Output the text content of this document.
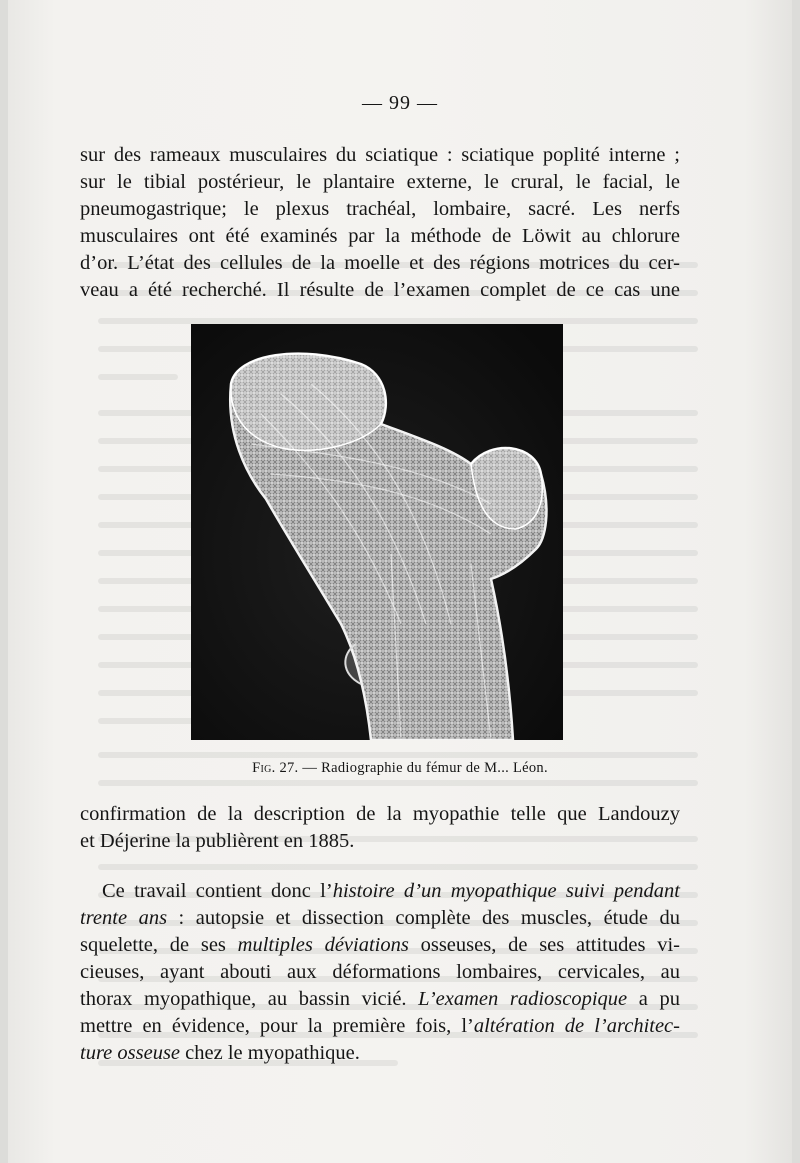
— 99 —

sur des rameaux musculaires du sciatique : sciatique poplité interne ;
sur le tibial postérieur, le plantaire externe, le crural, le facial, le
pneumogastrique; le plexus trachéal, lombaire, sacré. Les nerfs
musculaires ont été examinés par la méthode de Löwit au chlorure
d’or. L’état des cellules de la moelle et des régions motrices du cer-
veau a été recherché. Il résulte de l’examen complet de ce cas une

Fig. 27. — Radiographie du fémur de M... Léon.

confirmation de la description de la myopathie telle que Landouzy
et Déjerine la publièrent en 1885.

Ce travail contient donc l’histoire d’un myopathique suivi pendant
trente ans : autopsie et dissection complète des muscles, étude du
squelette, de ses multiples déviations osseuses, de ses attitudes vi-
cieuses, ayant abouti aux déformations lombaires, cervicales, au
thorax myopathique, au bassin vicié. L’examen radioscopique a pu
mettre en évidence, pour la première fois, l’altération de l’architec-
ture osseuse chez le myopathique.
